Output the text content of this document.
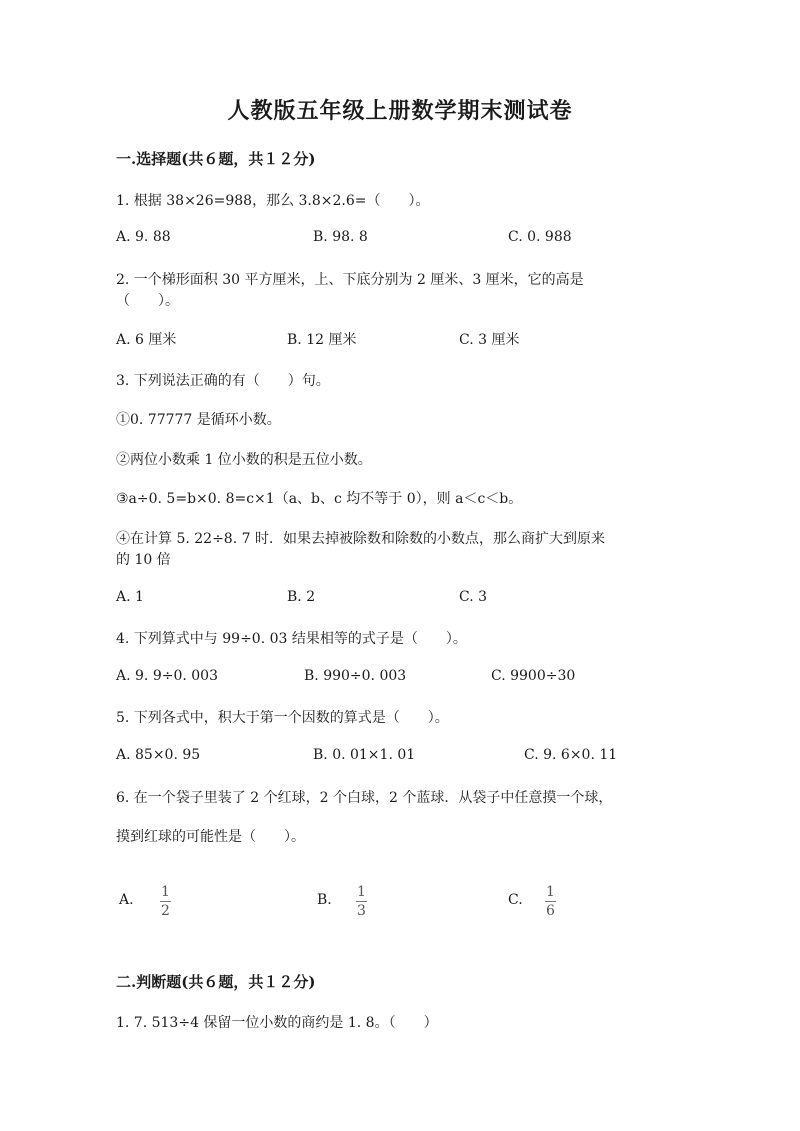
人教版五年级上册数学期末测试卷
一.选择题(共６题，共１２分)
1. 根据 38×26=988，那么 3.8×2.6=（　　）。
A. 9. 88	B. 98. 8	C. 0. 988
2. 一个梯形面积 30 平方厘米，上、下底分别为 2 厘米、3 厘米，它的高是
（　　）。
A. 6 厘米	B. 12 厘米	C. 3 厘米
3. 下列说法正确的有（　　）句。
①0. 77777 是循环小数。
②两位小数乘 1 位小数的积是五位小数。
③a÷0. 5=b×0. 8=c×1（a、b、c 均不等于 0），则 a＜c＜b。
④在计算 5. 22÷8. 7 时．如果去掉被除数和除数的小数点，那么商扩大到原来
的 10 倍
A. 1	B. 2	C. 3
4. 下列算式中与 99÷0. 03 结果相等的式子是（　　）。
A. 9. 9÷0. 003	B. 990÷0. 003	C. 9900÷30
5. 下列各式中，积大于第一个因数的算式是（　　）。
A. 85×0. 95	B. 0. 01×1. 01	C. 9. 6×0. 11
6. 在一个袋子里装了 2 个红球，2 个白球，2 个蓝球．从袋子中任意摸一个球，
摸到红球的可能性是（　　）。
A. 1
2
B. 1
3
C. 1
6
二.判断题(共６题，共１２分)
1. 7. 513÷4 保留一位小数的商约是 1. 8。（　　）
